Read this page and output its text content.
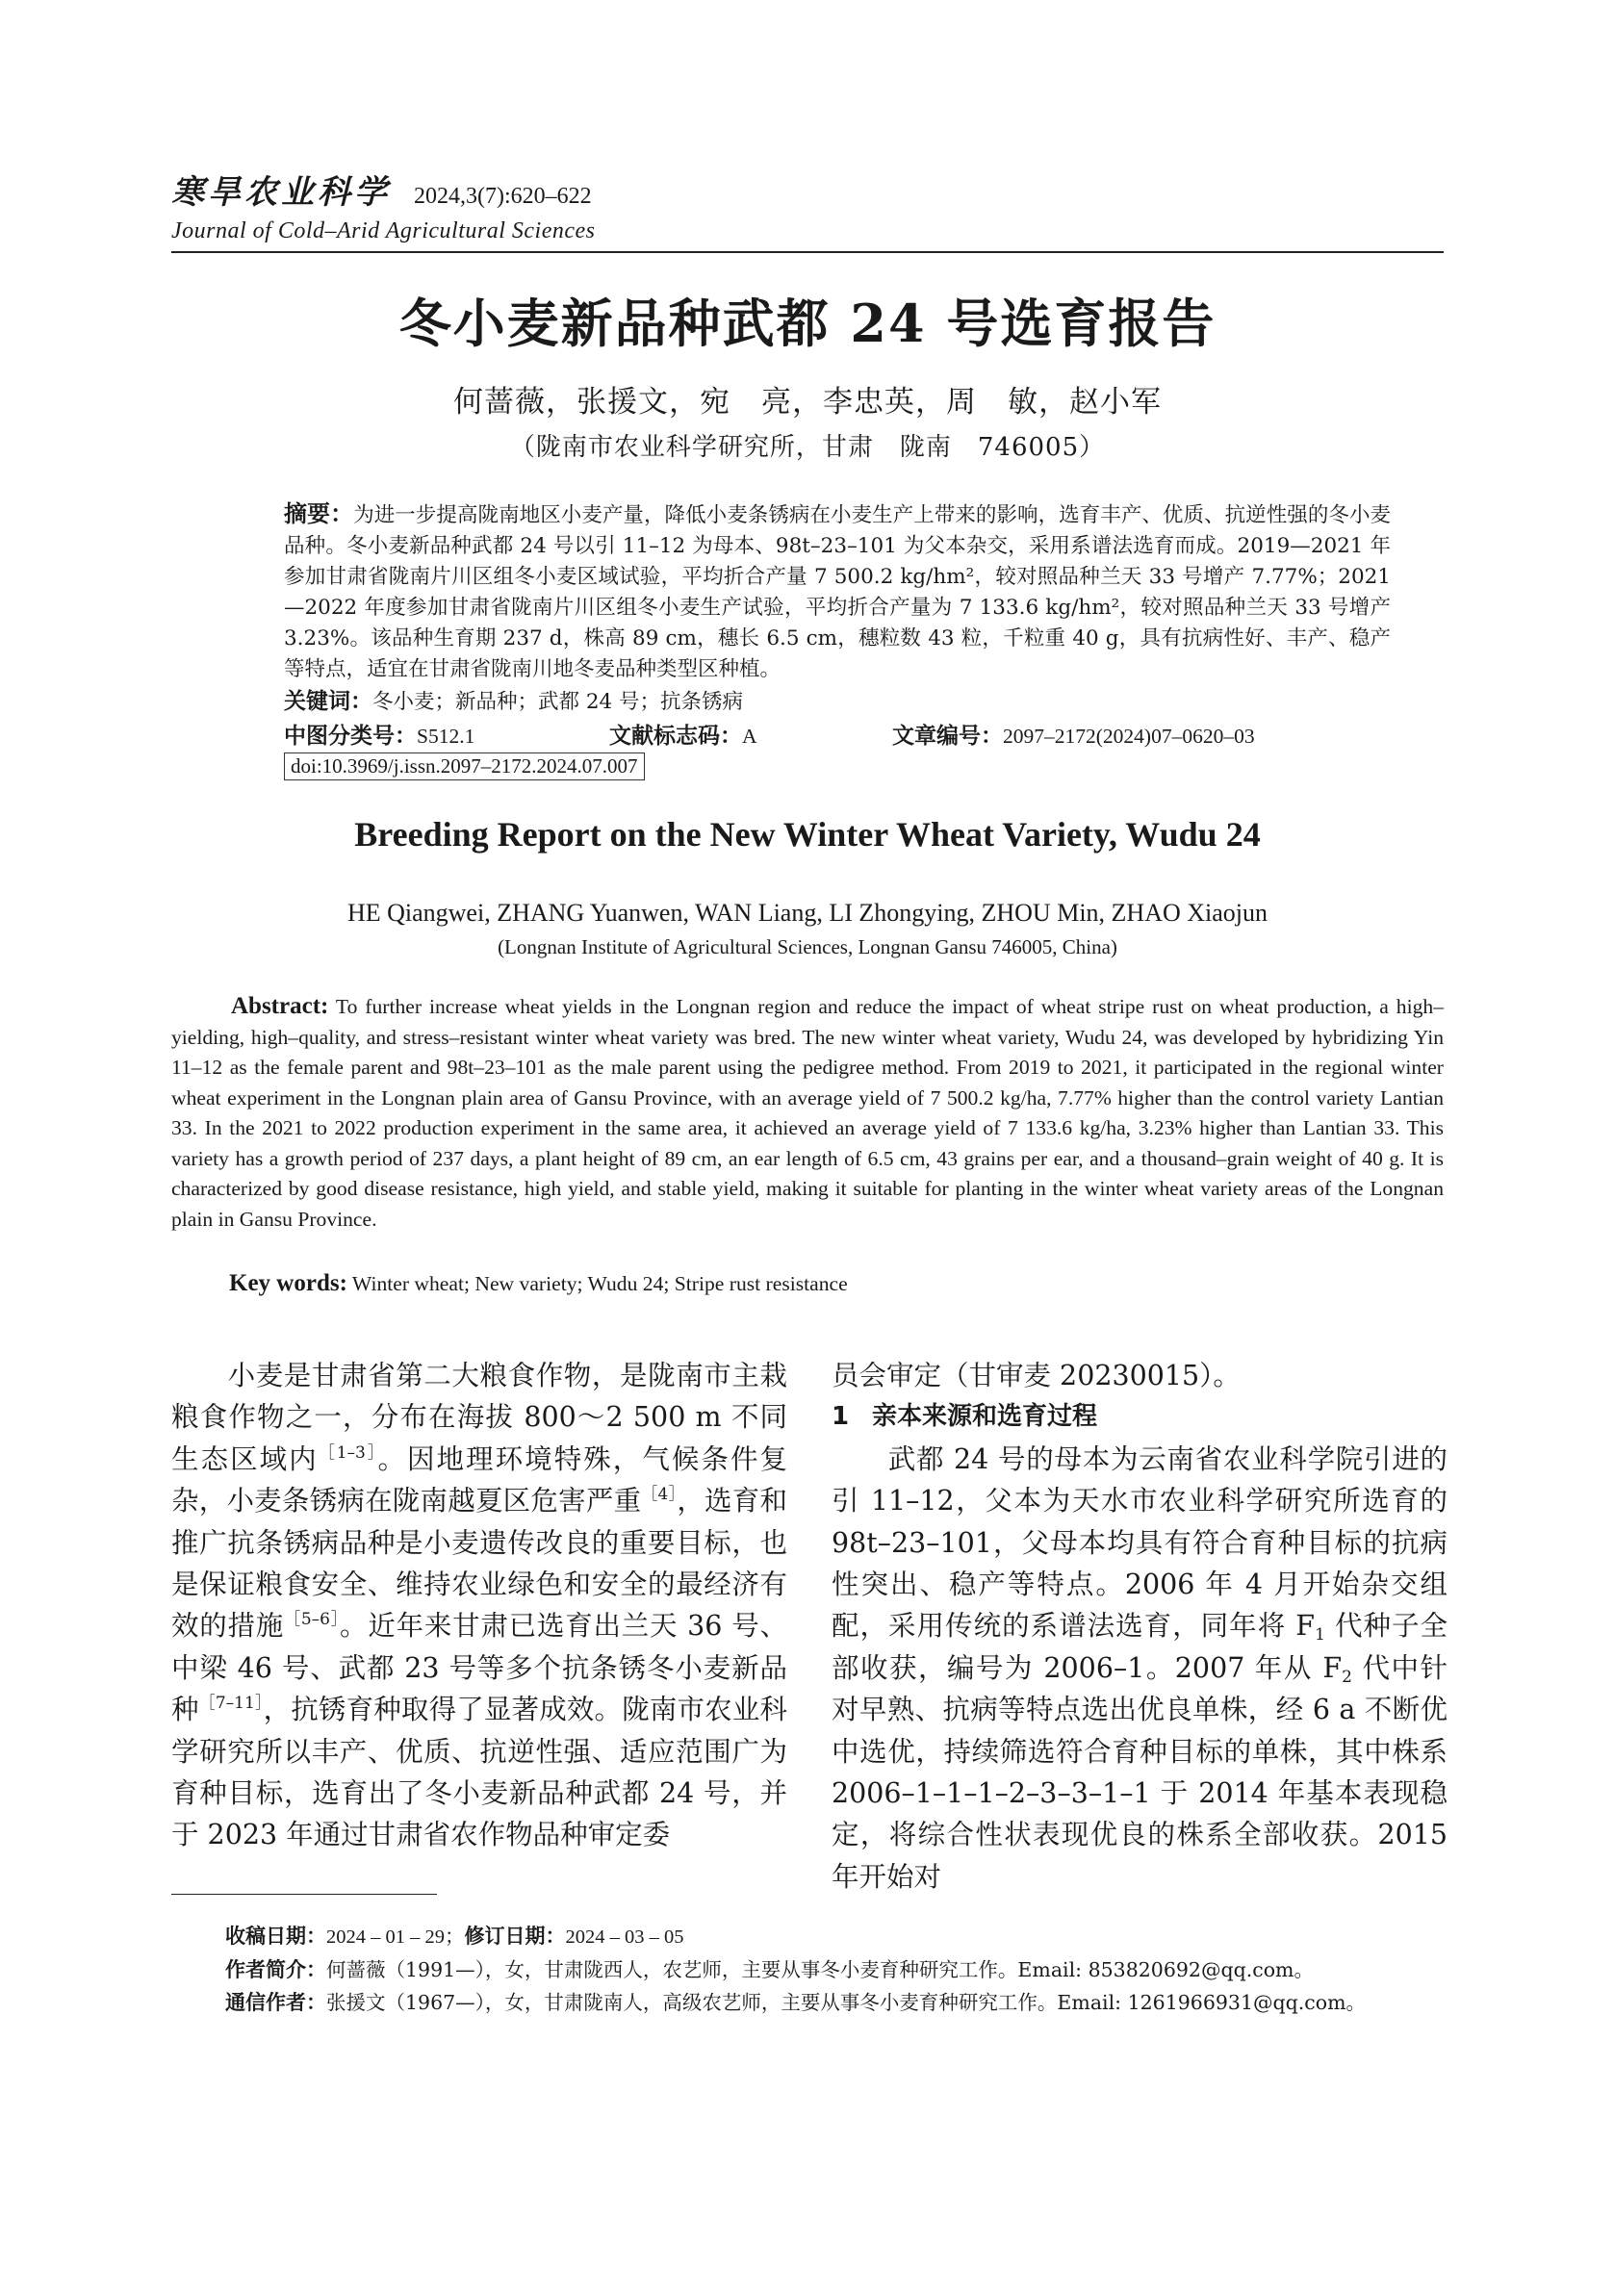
寒旱农业科学 2024,3(7):620–622
Journal of Cold–Arid Agricultural Sciences
冬小麦新品种武都 24 号选育报告
何蔷薇，张援文，宛　亮，李忠英，周　敏，赵小军
（陇南市农业科学研究所，甘肃　陇南　746005）
摘要：为进一步提高陇南地区小麦产量，降低小麦条锈病在小麦生产上带来的影响，选育丰产、优质、抗逆性强的冬小麦品种。冬小麦新品种武都 24 号以引 11–12 为母本、98t–23–101 为父本杂交，采用系谱法选育而成。2019—2021 年参加甘肃省陇南片川区组冬小麦区域试验，平均折合产量 7 500.2 kg/hm²，较对照品种兰天 33 号增产 7.77%；2021—2022 年度参加甘肃省陇南片川区组冬小麦生产试验，平均折合产量为 7 133.6 kg/hm²，较对照品种兰天 33 号增产 3.23%。该品种生育期 237 d，株高 89 cm，穗长 6.5 cm，穗粒数 43 粒，千粒重 40 g，具有抗病性好、丰产、稳产等特点，适宜在甘肃省陇南川地冬麦品种类型区种植。
关键词：冬小麦；新品种；武都 24 号；抗条锈病
中图分类号：S512.1	文献标志码：A	文章编号：2097–2172(2024)07–0620–03
doi:10.3969/j.issn.2097–2172.2024.07.007
Breeding Report on the New Winter Wheat Variety, Wudu 24
HE Qiangwei, ZHANG Yuanwen, WAN Liang, LI Zhongying, ZHOU Min, ZHAO Xiaojun
(Longnan Institute of Agricultural Sciences, Longnan Gansu 746005, China)
Abstract: To further increase wheat yields in the Longnan region and reduce the impact of wheat stripe rust on wheat production, a high–yielding, high–quality, and stress–resistant winter wheat variety was bred. The new winter wheat variety, Wudu 24, was developed by hybridizing Yin 11–12 as the female parent and 98t–23–101 as the male parent using the pedigree method. From 2019 to 2021, it participated in the regional winter wheat experiment in the Longnan plain area of Gansu Province, with an average yield of 7 500.2 kg/ha, 7.77% higher than the control variety Lantian 33. In the 2021 to 2022 production experiment in the same area, it achieved an average yield of 7 133.6 kg/ha, 3.23% higher than Lantian 33. This variety has a growth period of 237 days, a plant height of 89 cm, an ear length of 6.5 cm, 43 grains per ear, and a thousand–grain weight of 40 g. It is characterized by good disease resistance, high yield, and stable yield, making it suitable for planting in the winter wheat variety areas of the Longnan plain in Gansu Province.
Key words: Winter wheat; New variety; Wudu 24; Stripe rust resistance

小麦是甘肃省第二大粮食作物，是陇南市主栽粮食作物之一，分布在海拔 800～2 500 m 不同生态区域内$^{[1-3]}$。因地理环境特殊，气候条件复杂，小麦条锈病在陇南越夏区危害严重$^{[4]}$，选育和推广抗条锈病品种是小麦遗传改良的重要目标，也是保证粮食安全、维持农业绿色和安全的最经济有效的措施$^{[5-6]}$。近年来甘肃已选育出兰天 36 号、中梁 46 号、武都 23 号等多个抗条锈冬小麦新品种$^{[7-11]}$，抗锈育种取得了显著成效。陇南市农业科学研究所以丰产、优质、抗逆性强、适应范围广为育种目标，选育出了冬小麦新品种武都 24 号，并于 2023 年通过甘肃省农作物品种审定委

员会审定（甘审麦 20230015）。

1 亲本来源和选育过程

武都 24 号的母本为云南省农业科学院引进的引 11–12，父本为天水市农业科学研究所选育的 98t–23–101，父母本均具有符合育种目标的抗病性突出、稳产等特点。2006 年 4 月开始杂交组配，采用传统的系谱法选育，同年将 $F_1$ 代种子全部收获，编号为 2006–1。2007 年从 $F_2$ 代中针对早熟、抗病等特点选出优良单株，经 6 a 不断优中选优，持续筛选符合育种目标的单株，其中株系 2006–1–1–1–2–3–3–1–1 于 2014 年基本表现稳定，将综合性状表现优良的株系全部收获。2015 年开始对

收稿日期：2024 – 01 – 29；修订日期：2024 – 03 – 05
作者简介：何蔷薇（1991—），女，甘肃陇西人，农艺师，主要从事冬小麦育种研究工作。Email: 853820692@qq.com。
通信作者：张援文（1967—），女，甘肃陇南人，高级农艺师，主要从事冬小麦育种研究工作。Email: 1261966931@qq.com。
